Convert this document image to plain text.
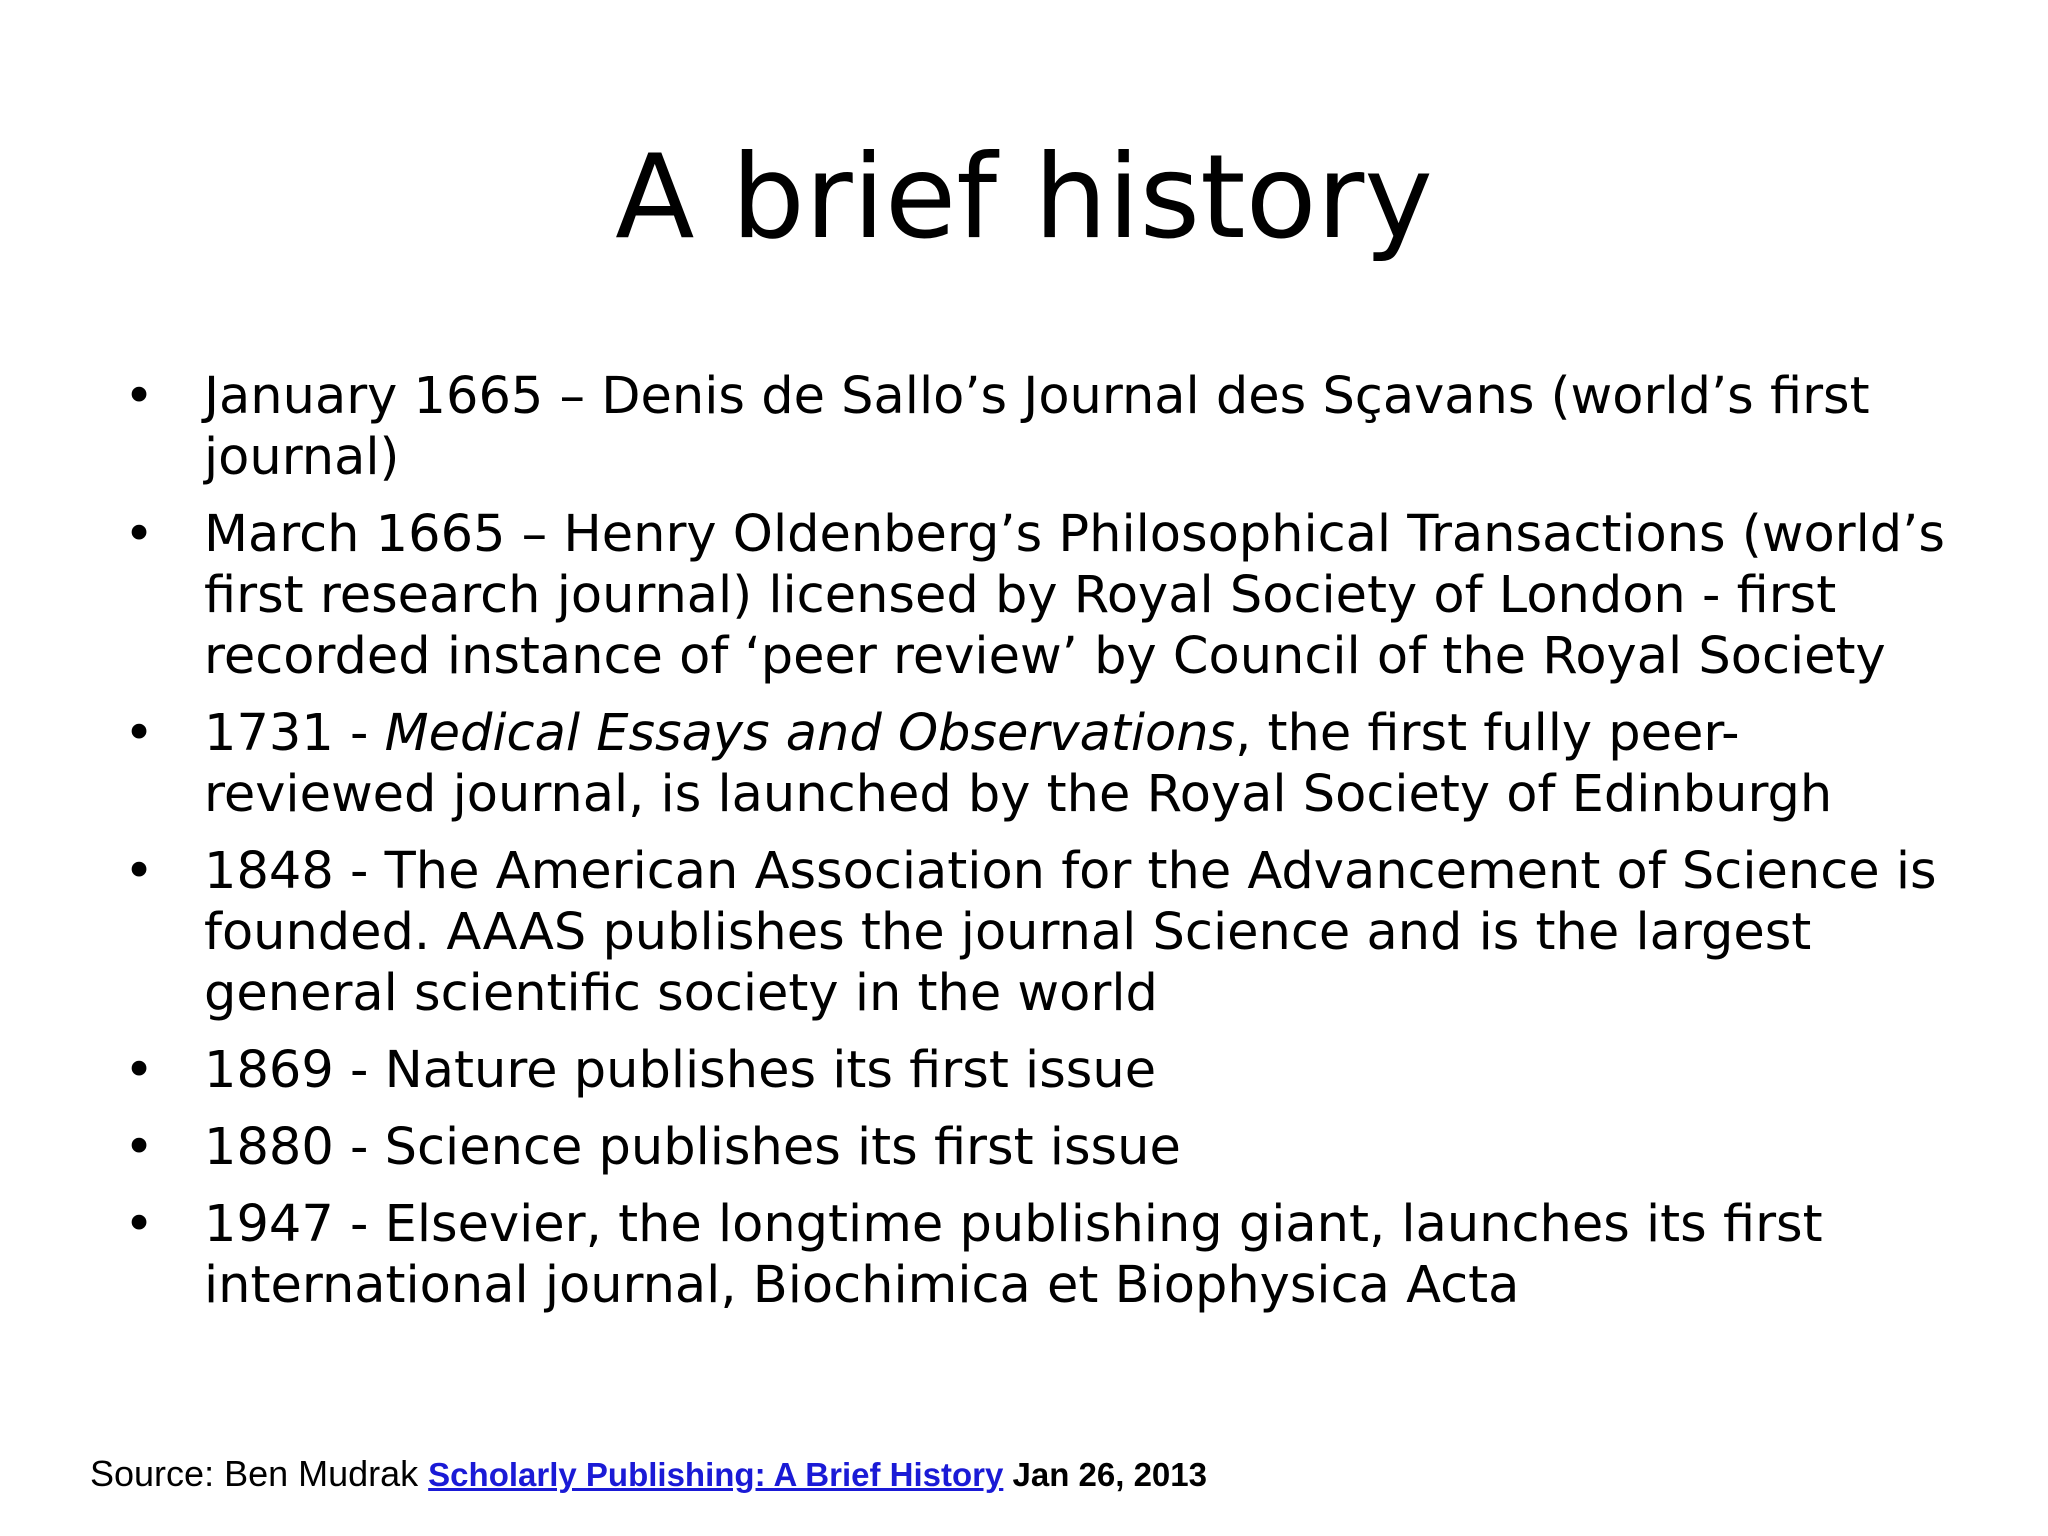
A brief history
• January 1665 – Denis de Sallo’s Journal des Sçavans (world’s first journal)
• March 1665 – Henry Oldenberg’s Philosophical Transactions (world’s first research journal) licensed by Royal Society of London - first recorded instance of ‘peer review’ by Council of the Royal Society
• 1731 - Medical Essays and Observations, the first fully peer-reviewed journal, is launched by the Royal Society of Edinburgh
• 1848 - The American Association for the Advancement of Science is founded. AAAS publishes the journal Science and is the largest general scientific society in the world
• 1869 - Nature publishes its first issue
• 1880 - Science publishes its first issue
• 1947 - Elsevier, the longtime publishing giant, launches its first international journal, Biochimica et Biophysica Acta
Source: Ben Mudrak Scholarly Publishing: A Brief History Jan 26, 2013
